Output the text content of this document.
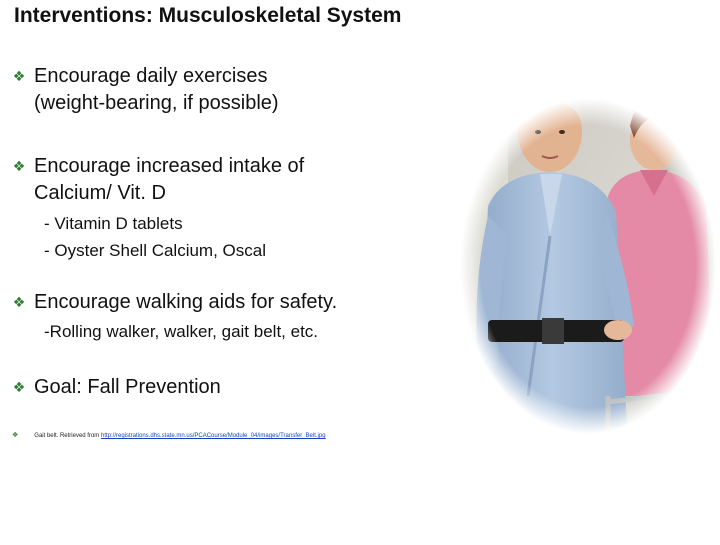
Interventions: Musculoskeletal System
❖ Encourage daily exercises
(weight-bearing, if possible)
❖ Encourage increased intake of
Calcium/ Vit. D
- Vitamin D tablets
- Oyster Shell Calcium, Oscal
❖ Encourage walking aids for safety.
-Rolling walker, walker, gait belt, etc.
❖ Goal: Fall Prevention
❖	Gait belt. Retrieved from http://registrations.dhs.state.mn.us/PCACourse/Module_04/images/Transfer_Belt.jpg
